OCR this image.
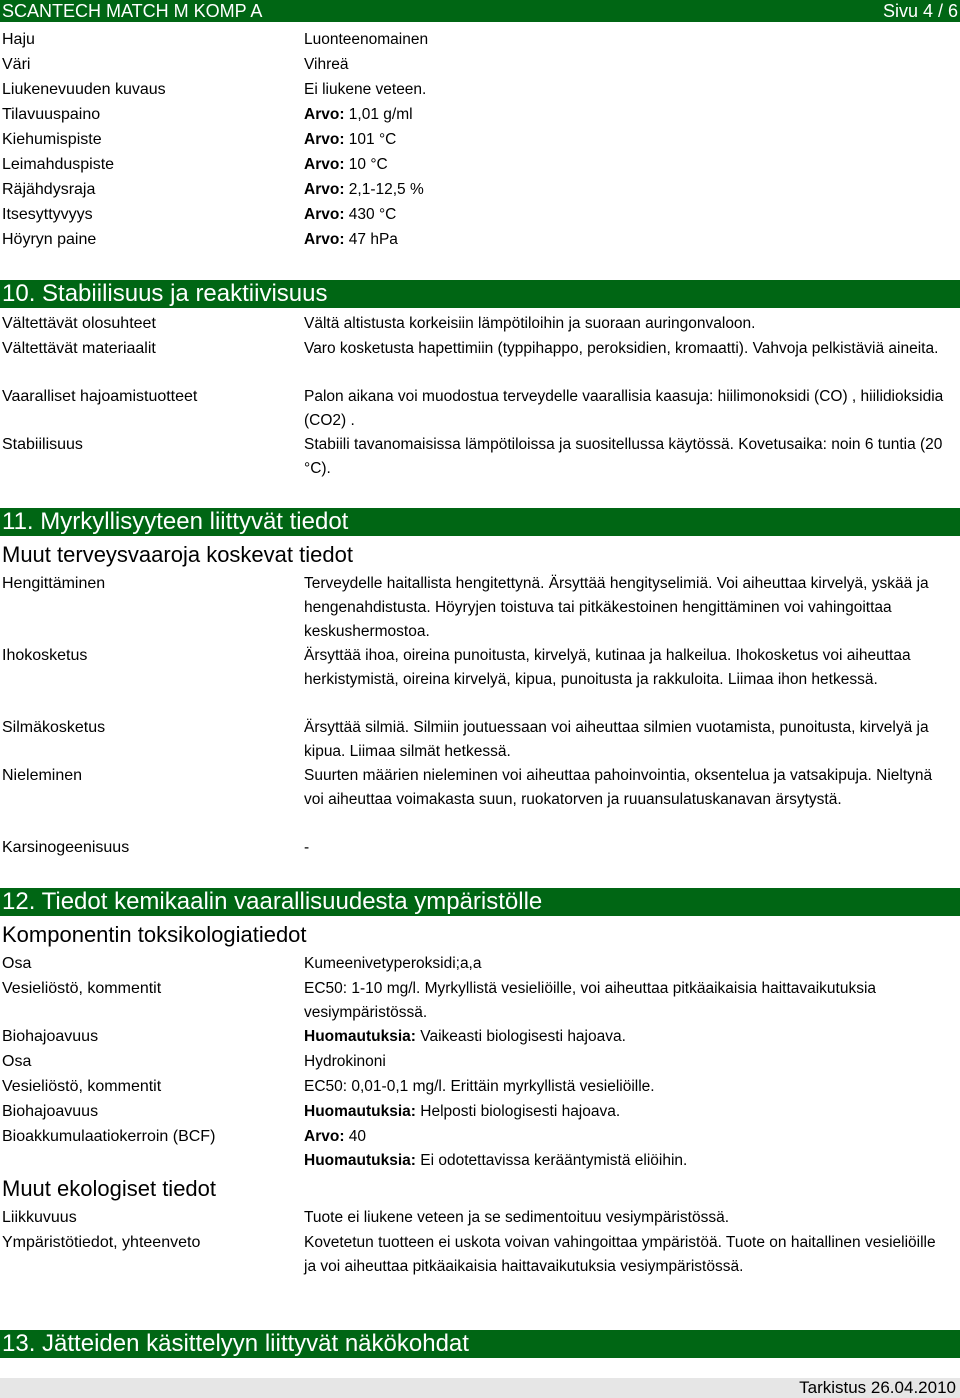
SCANTECH MATCH M KOMP A	Sivu 4 / 6
Haju	Luonteenomainen
Väri	Vihreä
Liukenevuuden kuvaus	Ei liukene veteen.
Tilavuuspaino	Arvo: 1,01 g/ml
Kiehumispiste	Arvo: 101 °C
Leimahduspiste	Arvo: 10 °C
Räjähdysraja	Arvo: 2,1-12,5 %
Itsesyttyvyys	Arvo: 430 °C
Höyryn paine	Arvo: 47 hPa
10. Stabiilisuus ja reaktiivisuus
Vältettävät olosuhteet	Vältä altistusta korkeisiin lämpötiloihin ja suoraan auringonvaloon.
Vältettävät materiaalit	Varo kosketusta hapettimiin (typpihappo, peroksidien, kromaatti). Vahvoja pelkistäviä aineita.
Vaaralliset hajoamistuotteet	Palon aikana voi muodostua terveydelle vaarallisia kaasuja: hiilimonoksidi (CO) , hiilidioksidia (CO2) .
Stabiilisuus	Stabiili tavanomaisissa lämpötiloissa ja suositellussa käytössä. Kovetusaika: noin 6 tuntia (20 °C).
11. Myrkyllisyyteen liittyvät tiedot
Muut terveysvaaroja koskevat tiedot
Hengittäminen	Terveydelle haitallista hengitettynä. Ärsyttää hengityselimiä. Voi aiheuttaa kirvelyä, yskää ja hengenahdistusta. Höyryjen toistuva tai pitkäkestoinen hengittäminen voi vahingoittaa keskushermostoa.
Ihokosketus	Ärsyttää ihoa, oireina punoitusta, kirvelyä, kutinaa ja halkeilua. Ihokosketus voi aiheuttaa herkistymistä, oireina kirvelyä, kipua, punoitusta ja rakkuloita. Liimaa ihon hetkessä.
Silmäkosketus	Ärsyttää silmiä. Silmiin joutuessaan voi aiheuttaa silmien vuotamista, punoitusta, kirvelyä ja kipua. Liimaa silmät hetkessä.
Nieleminen	Suurten määrien nieleminen voi aiheuttaa pahoinvointia, oksentelua ja vatsakipuja. Nieltynä voi aiheuttaa voimakasta suun, ruokatorven ja ruuansulatuskanavan ärsytystä.
Karsinogeenisuus	-
12. Tiedot kemikaalin vaarallisuudesta ympäristölle
Komponentin toksikologiatiedot
Osa	Kumeenivetyperoksidi;a,a
Vesieliöstö, kommentit	EC50: 1-10 mg/l. Myrkyllistä vesieliöille, voi aiheuttaa pitkäaikaisia haittavaikutuksia vesiympäristössä.
Biohajoavuus	Huomautuksia: Vaikeasti biologisesti hajoava.
Osa	Hydrokinoni
Vesieliöstö, kommentit	EC50: 0,01-0,1 mg/l. Erittäin myrkyllistä vesieliöille.
Biohajoavuus	Huomautuksia: Helposti biologisesti hajoava.
Bioakkumulaatiokerroin (BCF)	Arvo: 40
Huomautuksia: Ei odotettavissa kerääntymistä eliöihin.
Muut ekologiset tiedot
Liikkuvuus	Tuote ei liukene veteen ja se sedimentoituu vesiympäristössä.
Ympäristötiedot, yhteenveto	Kovetetun tuotteen ei uskota voivan vahingoittaa ympäristöä. Tuote on haitallinen vesieliöille ja voi aiheuttaa pitkäaikaisia haittavaikutuksia vesiympäristössä.
13. Jätteiden käsittelyyn liittyvät näkökohdat
Tarkistus 26.04.2010
